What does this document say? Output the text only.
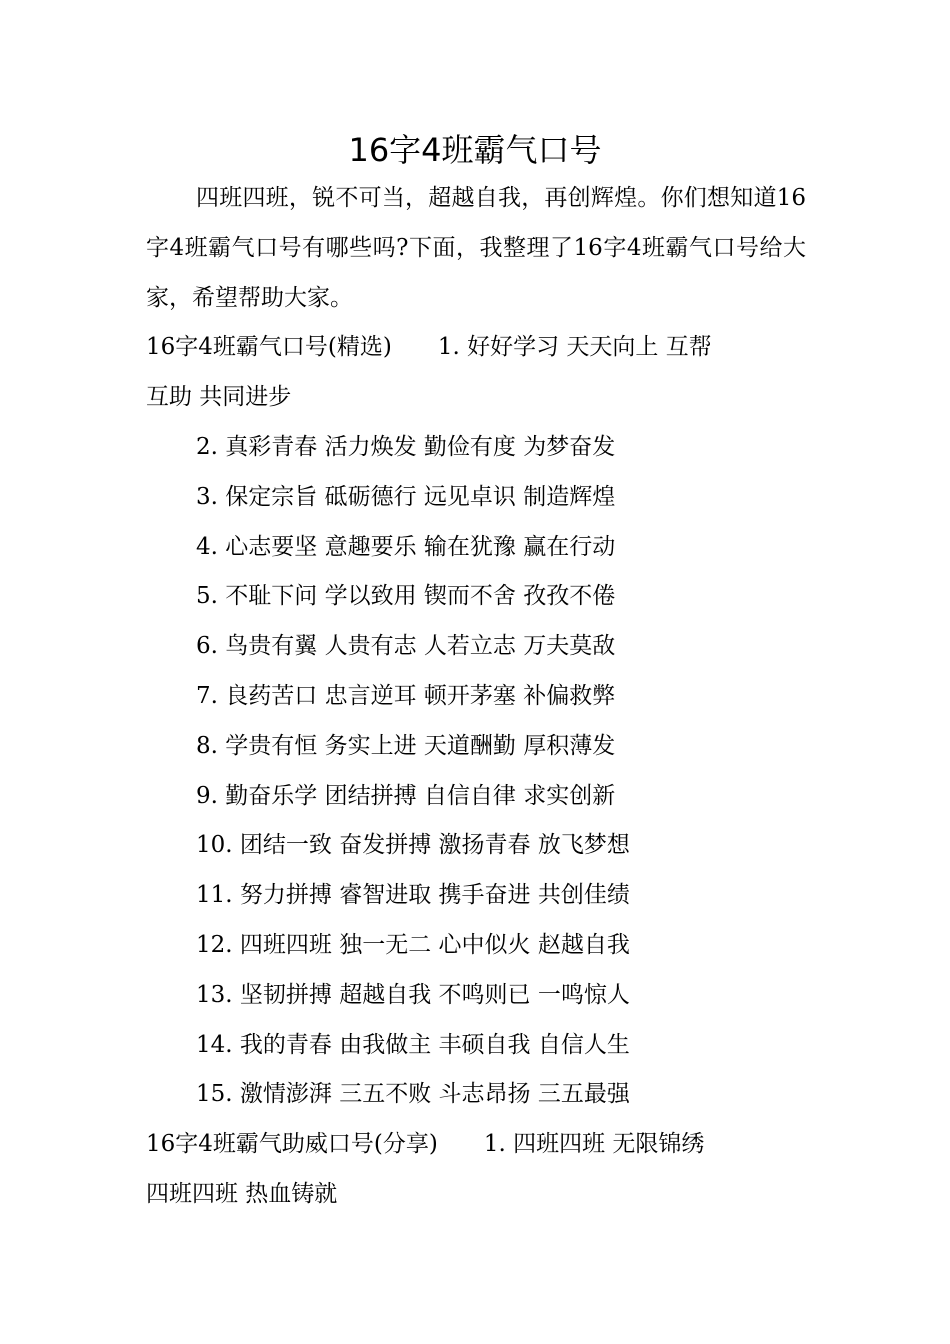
16字4班霸气口号

四班四班，锐不可当，超越自我，再创辉煌。你们想知道16字4班霸气口号有哪些吗?下面，我整理了16字4班霸气口号给大家，希望帮助大家。

16字4班霸气口号(精选) 1. 好好学习 天天向上 互帮

互助 共同进步

2. 真彩青春 活力焕发 勤俭有度 为梦奋发

3. 保定宗旨 砥砺德行 远见卓识 制造辉煌

4. 心志要坚 意趣要乐 输在犹豫 赢在行动

5. 不耻下问 学以致用 锲而不舍 孜孜不倦

6. 鸟贵有翼 人贵有志 人若立志 万夫莫敌

7. 良药苦口 忠言逆耳 顿开茅塞 补偏救弊

8. 学贵有恒 务实上进 天道酬勤 厚积薄发

9. 勤奋乐学 团结拼搏 自信自律 求实创新

10. 团结一致 奋发拼搏 激扬青春 放飞梦想

11. 努力拼搏 睿智进取 携手奋进 共创佳绩

12. 四班四班 独一无二 心中似火 赵越自我

13. 坚韧拼搏 超越自我 不鸣则已 一鸣惊人

14. 我的青春 由我做主 丰硕自我 自信人生

15. 激情澎湃 三五不败 斗志昂扬 三五最强

16字4班霸气助威口号(分享) 1. 四班四班 无限锦绣

四班四班 热血铸就
